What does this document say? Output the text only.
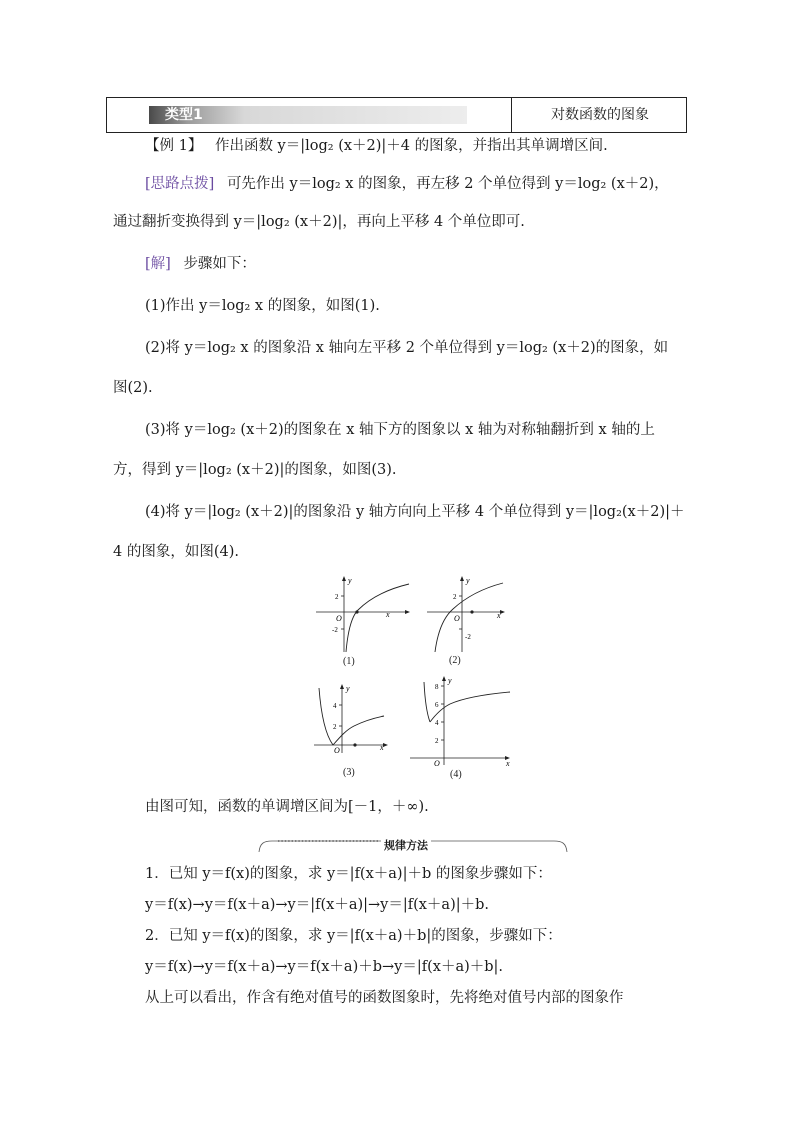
类型1	对数函数的图象
【例 1】 作出函数 y＝|log₂ (x＋2)|＋4 的图象，并指出其单调增区间.
[思路点拨] 可先作出 y＝log₂ x 的图象，再左移 2 个单位得到 y＝log₂ (x＋2)，
通过翻折变换得到 y＝|log₂ (x＋2)|，再向上平移 4 个单位即可.
[解] 步骤如下：
(1)作出 y＝log₂ x 的图象，如图(1).
(2)将 y＝log₂ x 的图象沿 x 轴向左平移 2 个单位得到 y＝log₂ (x＋2)的图象，如
图(2).
(3)将 y＝log₂ (x＋2)的图象在 x 轴下方的图象以 x 轴为对称轴翻折到 x 轴的上
方，得到 y＝|log₂ (x＋2)|的图象，如图(3).
(4)将 y＝|log₂ (x＋2)|的图象沿 y 轴方向向上平移 4 个单位得到 y＝|log₂(x＋2)|＋
4 的图象，如图(4).
x
y
O
2
-2
(1)
x
y
O
2
-2
(2)
x
y
O
4
2
(3)
x
y
O
8
6
4
2
(4)
由图可知，函数的单调增区间为[－1，＋∞).
规律方法
1．已知 y＝f(x)的图象，求 y＝|f(x＋a)|＋b 的图象步骤如下：
y＝f(x)→y＝f(x＋a)→y＝|f(x＋a)|→y＝|f(x＋a)|＋b.
2．已知 y＝f(x)的图象，求 y＝|f(x＋a)＋b|的图象，步骤如下：
y＝f(x)→y＝f(x＋a)→y＝f(x＋a)＋b→y＝|f(x＋a)＋b|.
从上可以看出，作含有绝对值号的函数图象时，先将绝对值号内部的图象作
